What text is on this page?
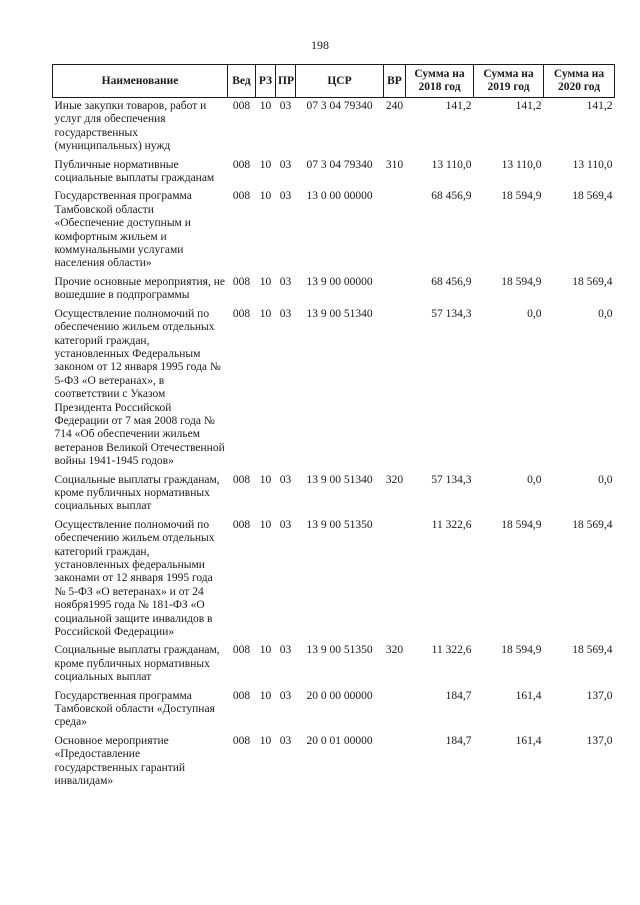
198
Наименование	Вед	РЗ	ПР	ЦСР	ВР	Сумма на 2018 год	Сумма на 2019 год	Сумма на 2020 год
Иные закупки товаров, работ и услуг для обеспечения государственных (муниципальных) нужд	008	10	03	07 3 04 79340	240	141,2	141,2	141,2
Публичные нормативные социальные выплаты гражданам	008	10	03	07 3 04 79340	310	13 110,0	13 110,0	13 110,0
Государственная программа Тамбовской области «Обеспечение доступным и комфортным жильем и коммунальными услугами населения области»	008	10	03	13 0 00 00000		68 456,9	18 594,9	18 569,4
Прочие основные мероприятия, не вошедшие в подпрограммы	008	10	03	13 9 00 00000		68 456,9	18 594,9	18 569,4
Осуществление полномочий по обеспечению жильем отдельных категорий граждан, установленных Федеральным законом от 12 января 1995 года № 5-ФЗ «О ветеранах», в соответствии с Указом Президента Российской Федерации от 7 мая 2008 года № 714 «Об обеспечении жильем ветеранов Великой Отечественной войны 1941-1945 годов»	008	10	03	13 9 00 51340		57 134,3	0,0	0,0
Социальные выплаты гражданам, кроме публичных нормативных социальных выплат	008	10	03	13 9 00 51340	320	57 134,3	0,0	0,0
Осуществление полномочий по обеспечению жильем отдельных категорий граждан, установленных федеральными законами от 12 января 1995 года № 5-ФЗ «О ветеранах» и от 24 ноября1995 года № 181-ФЗ «О социальной защите инвалидов в Российской Федерации»	008	10	03	13 9 00 51350		11 322,6	18 594,9	18 569,4
Социальные выплаты гражданам, кроме публичных нормативных социальных выплат	008	10	03	13 9 00 51350	320	11 322,6	18 594,9	18 569,4
Государственная программа Тамбовской области «Доступная среда»	008	10	03	20 0 00 00000		184,7	161,4	137,0
Основное мероприятие «Предоставление государственных гарантий инвалидам»	008	10	03	20 0 01 00000		184,7	161,4	137,0
